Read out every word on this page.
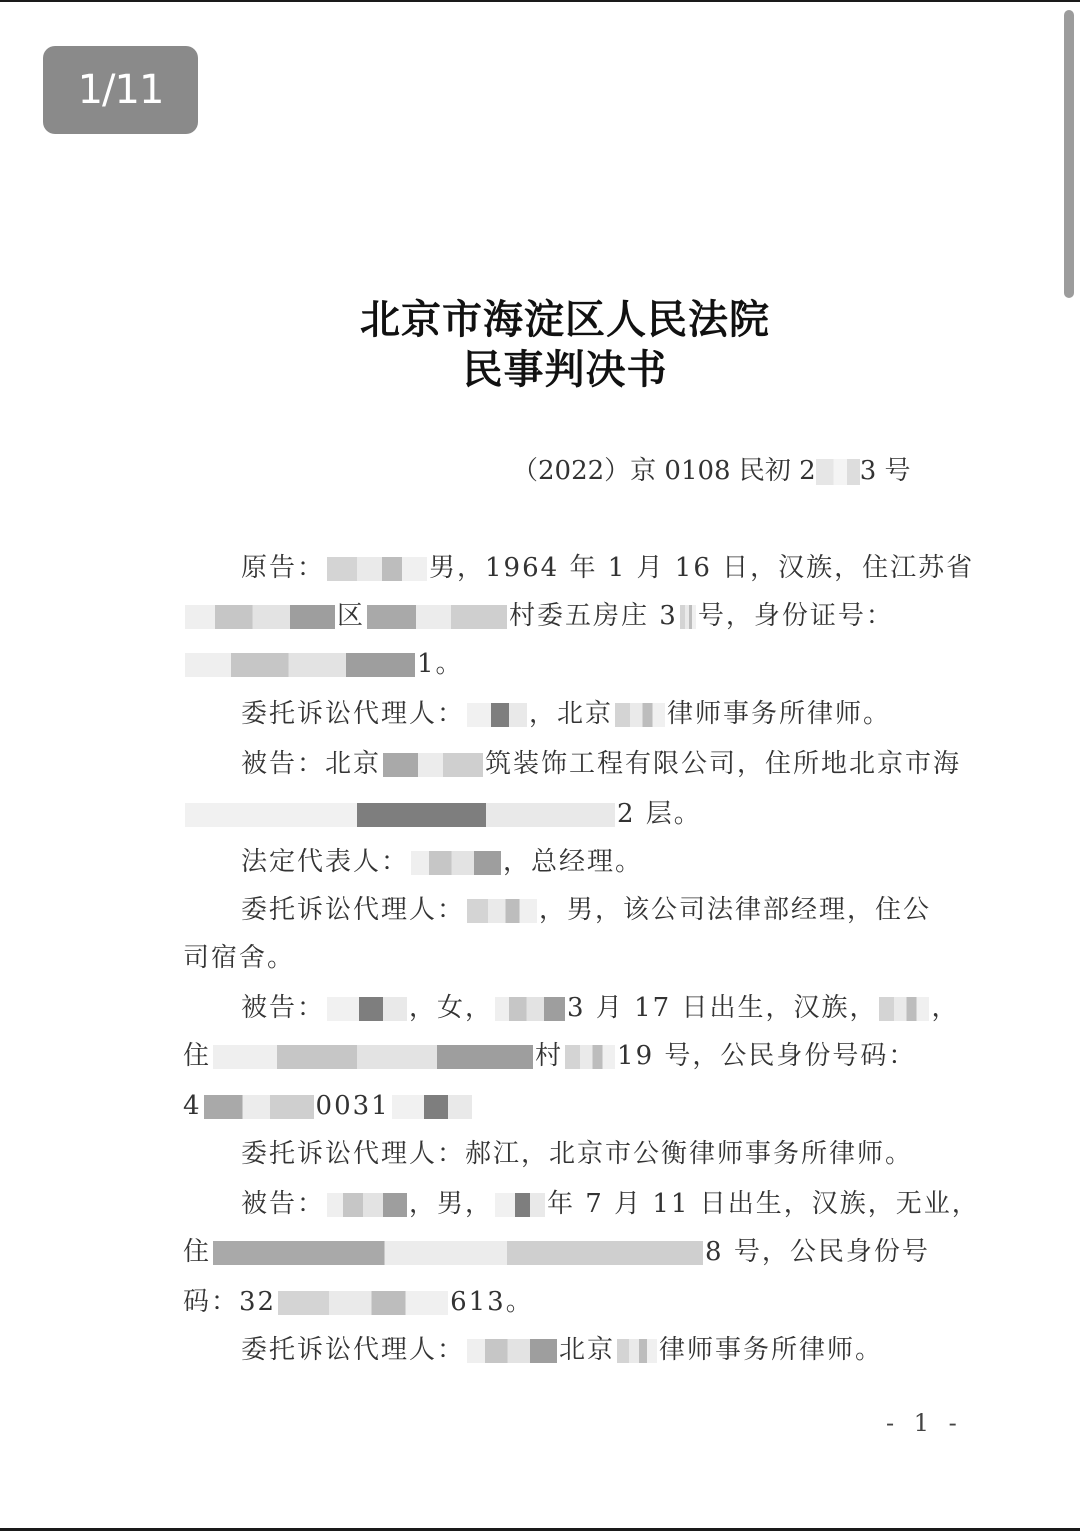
1/11
北京市海淀区人民法院
民事判决书
（2022）京 0108 民初 2 3 号
原告：	男，1964 年 1 月 16 日，汉族，住江苏省
区	村委五房庄 3 号，身份证号：
1。
委托诉讼代理人： ，北京 律师事务所律师。
被告：北京	筑装饰工程有限公司，住所地北京市海
2 层。
法定代表人：	，总经理。
委托诉讼代理人：	，男，该公司法律部经理，住公
司宿舍。
被告：	，女，	3 月 17 日出生，汉族， ，
住	村 19 号，公民身份号码：
4	0031
委托诉讼代理人：郝江，北京市公衡律师事务所律师。
被告：	，男， 年 7 月 11 日出生，汉族，无业，
住	8 号，公民身份号
码：32	613。
委托诉讼代理人：	北京 律师事务所律师。
- 1 -
